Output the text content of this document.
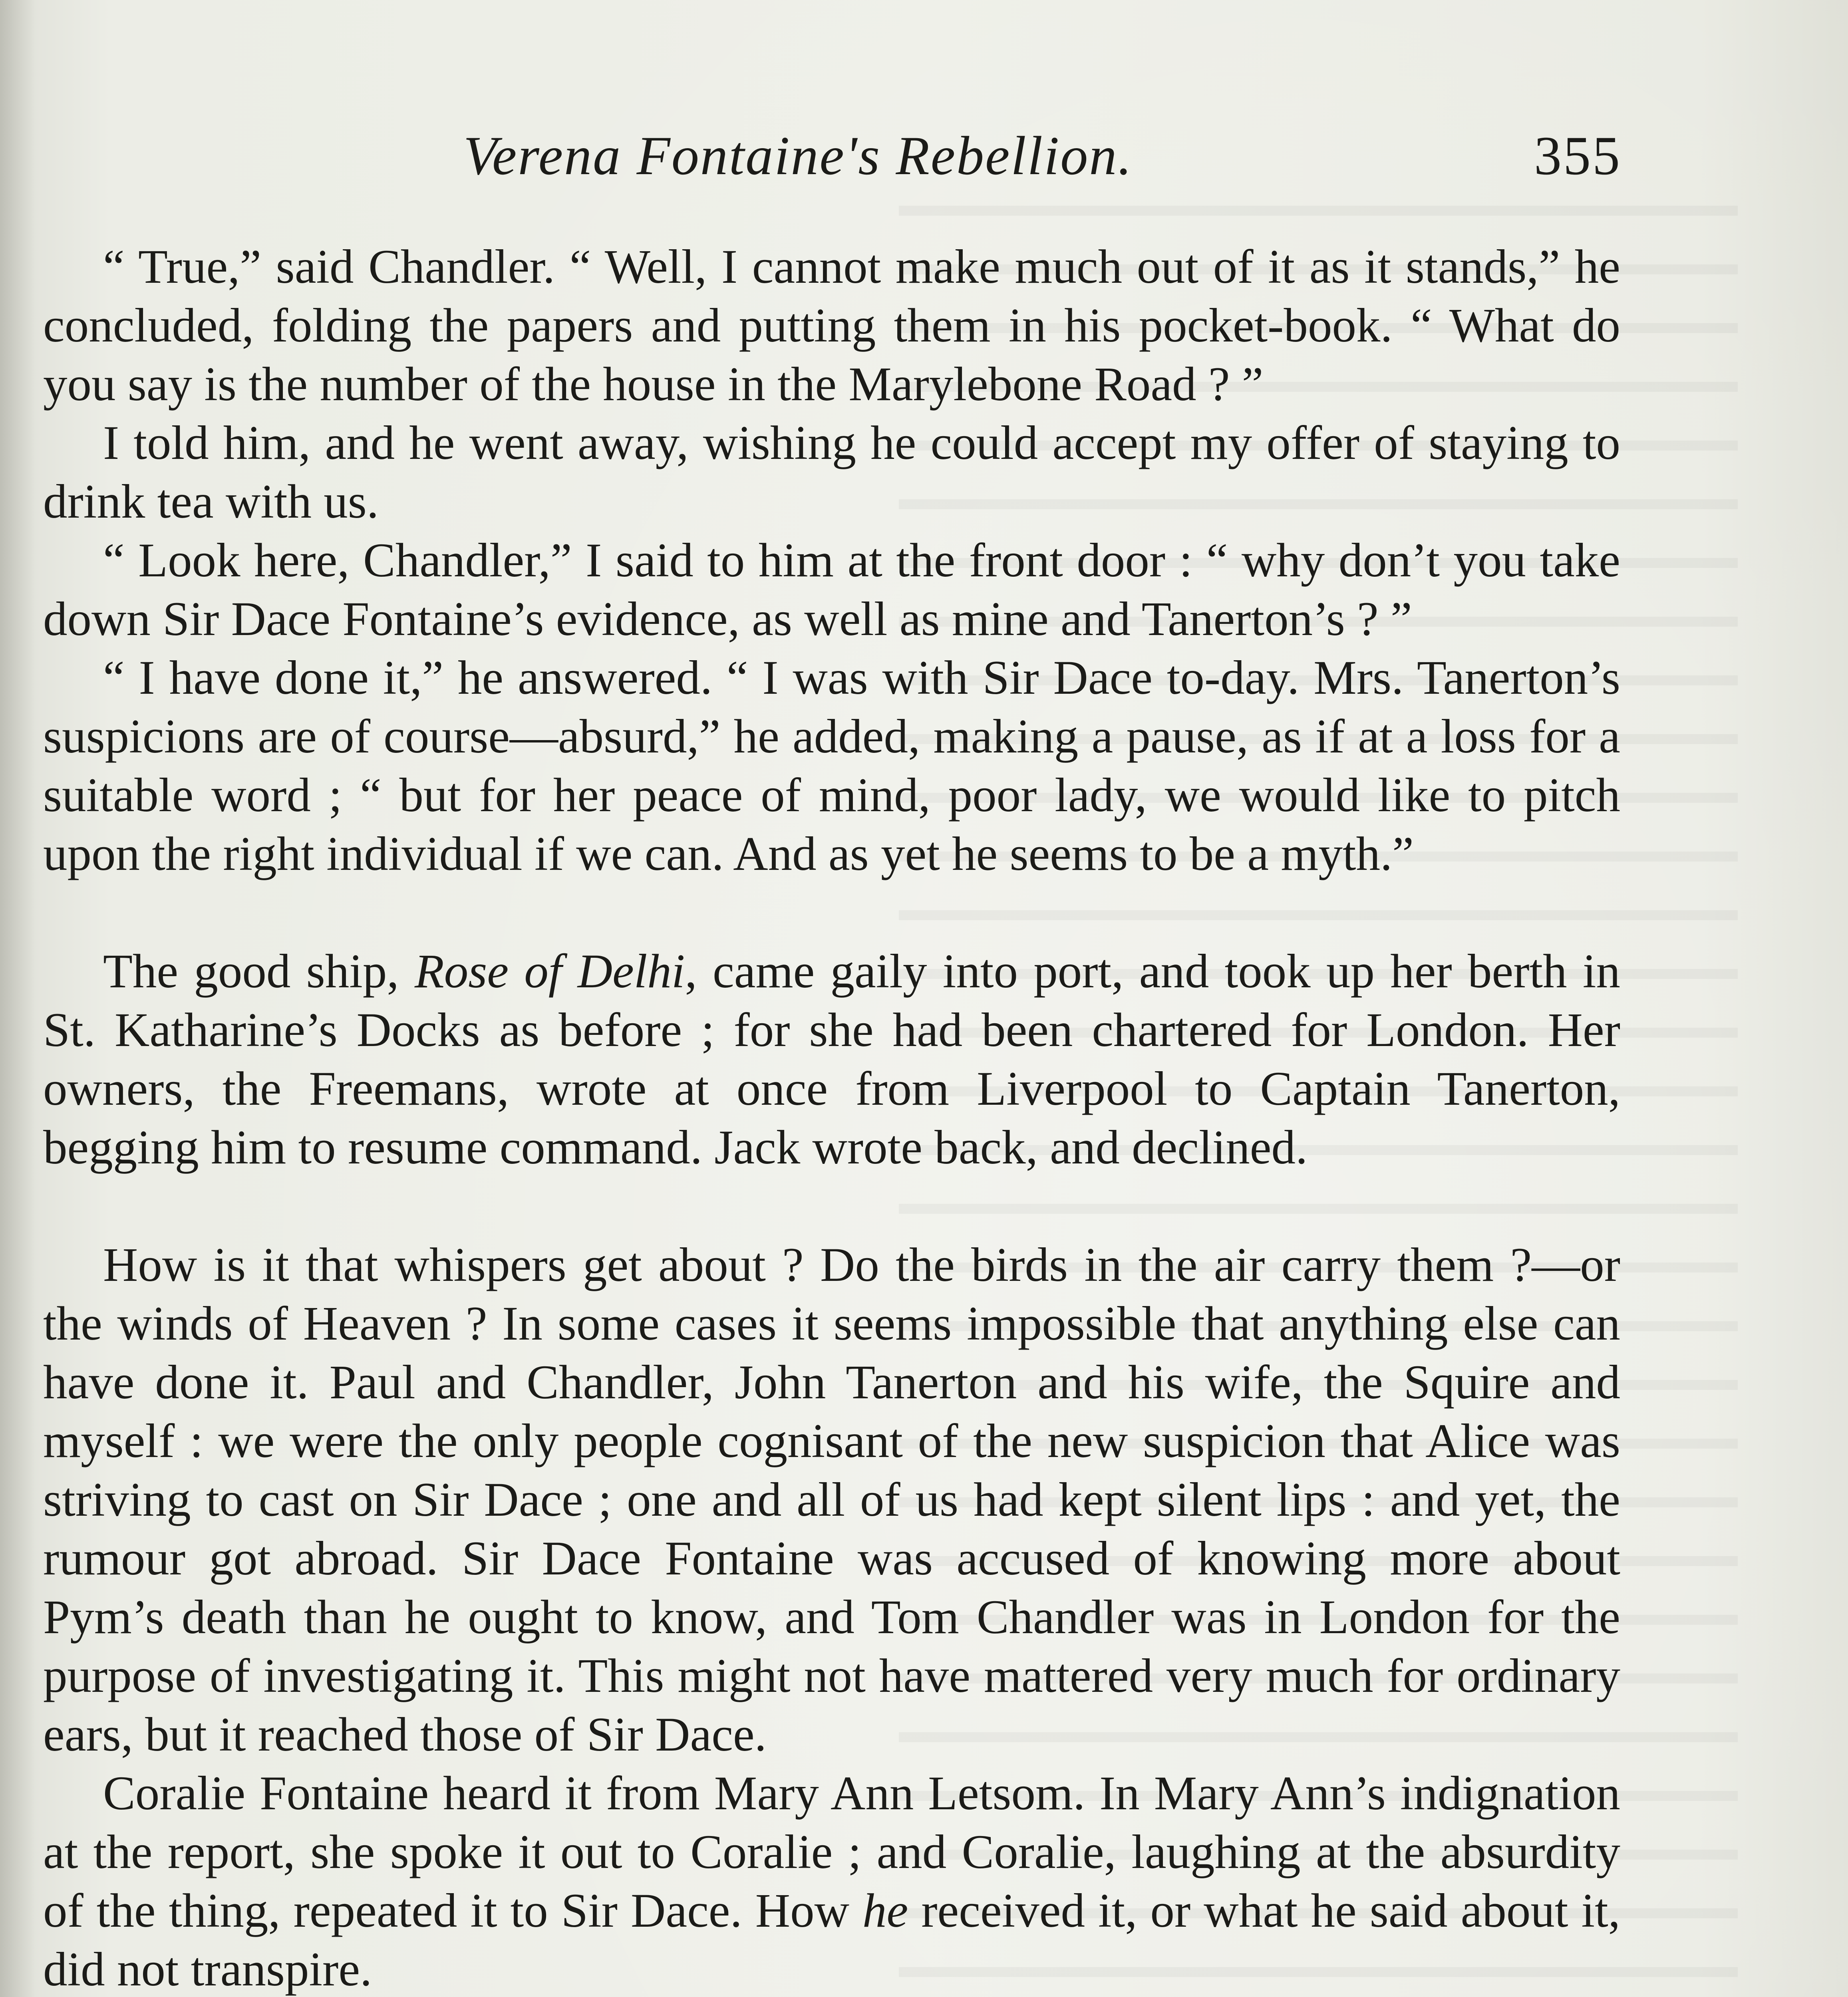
Verena Fontaine's Rebellion.	355

“ True,” said Chandler. “ Well, I cannot make much out of it as it stands,” he concluded, folding the papers and putting them in his pocket-book. “ What do you say is the number of the house in the Marylebone Road ? ”

I told him, and he went away, wishing he could accept my offer of staying to drink tea with us.

“ Look here, Chandler,” I said to him at the front door : “ why don’t you take down Sir Dace Fontaine’s evidence, as well as mine and Tanerton’s ? ”

“ I have done it,” he answered. “ I was with Sir Dace to-day. Mrs. Tanerton’s suspicions are of course—absurd,” he added, making a pause, as if at a loss for a suitable word ; “ but for her peace of mind, poor lady, we would like to pitch upon the right individual if we can. And as yet he seems to be a myth.”

The good ship, Rose of Delhi, came gaily into port, and took up her berth in St. Katharine’s Docks as before ; for she had been chartered for London. Her owners, the Freemans, wrote at once from Liverpool to Captain Tanerton, begging him to resume command. Jack wrote back, and declined.

How is it that whispers get about ? Do the birds in the air carry them ?—or the winds of Heaven ? In some cases it seems impossible that anything else can have done it. Paul and Chandler, John Tanerton and his wife, the Squire and myself : we were the only people cognisant of the new suspicion that Alice was striving to cast on Sir Dace ; one and all of us had kept silent lips : and yet, the rumour got abroad. Sir Dace Fontaine was accused of knowing more about Pym’s death than he ought to know, and Tom Chandler was in London for the purpose of investigating it. This might not have mattered very much for ordinary ears, but it reached those of Sir Dace.

Coralie Fontaine heard it from Mary Ann Letsom. In Mary Ann’s indignation at the report, she spoke it out to Coralie ; and Coralie, laughing at the absurdity of the thing, repeated it to Sir Dace. How he received it, or what he said about it, did not transpire.
